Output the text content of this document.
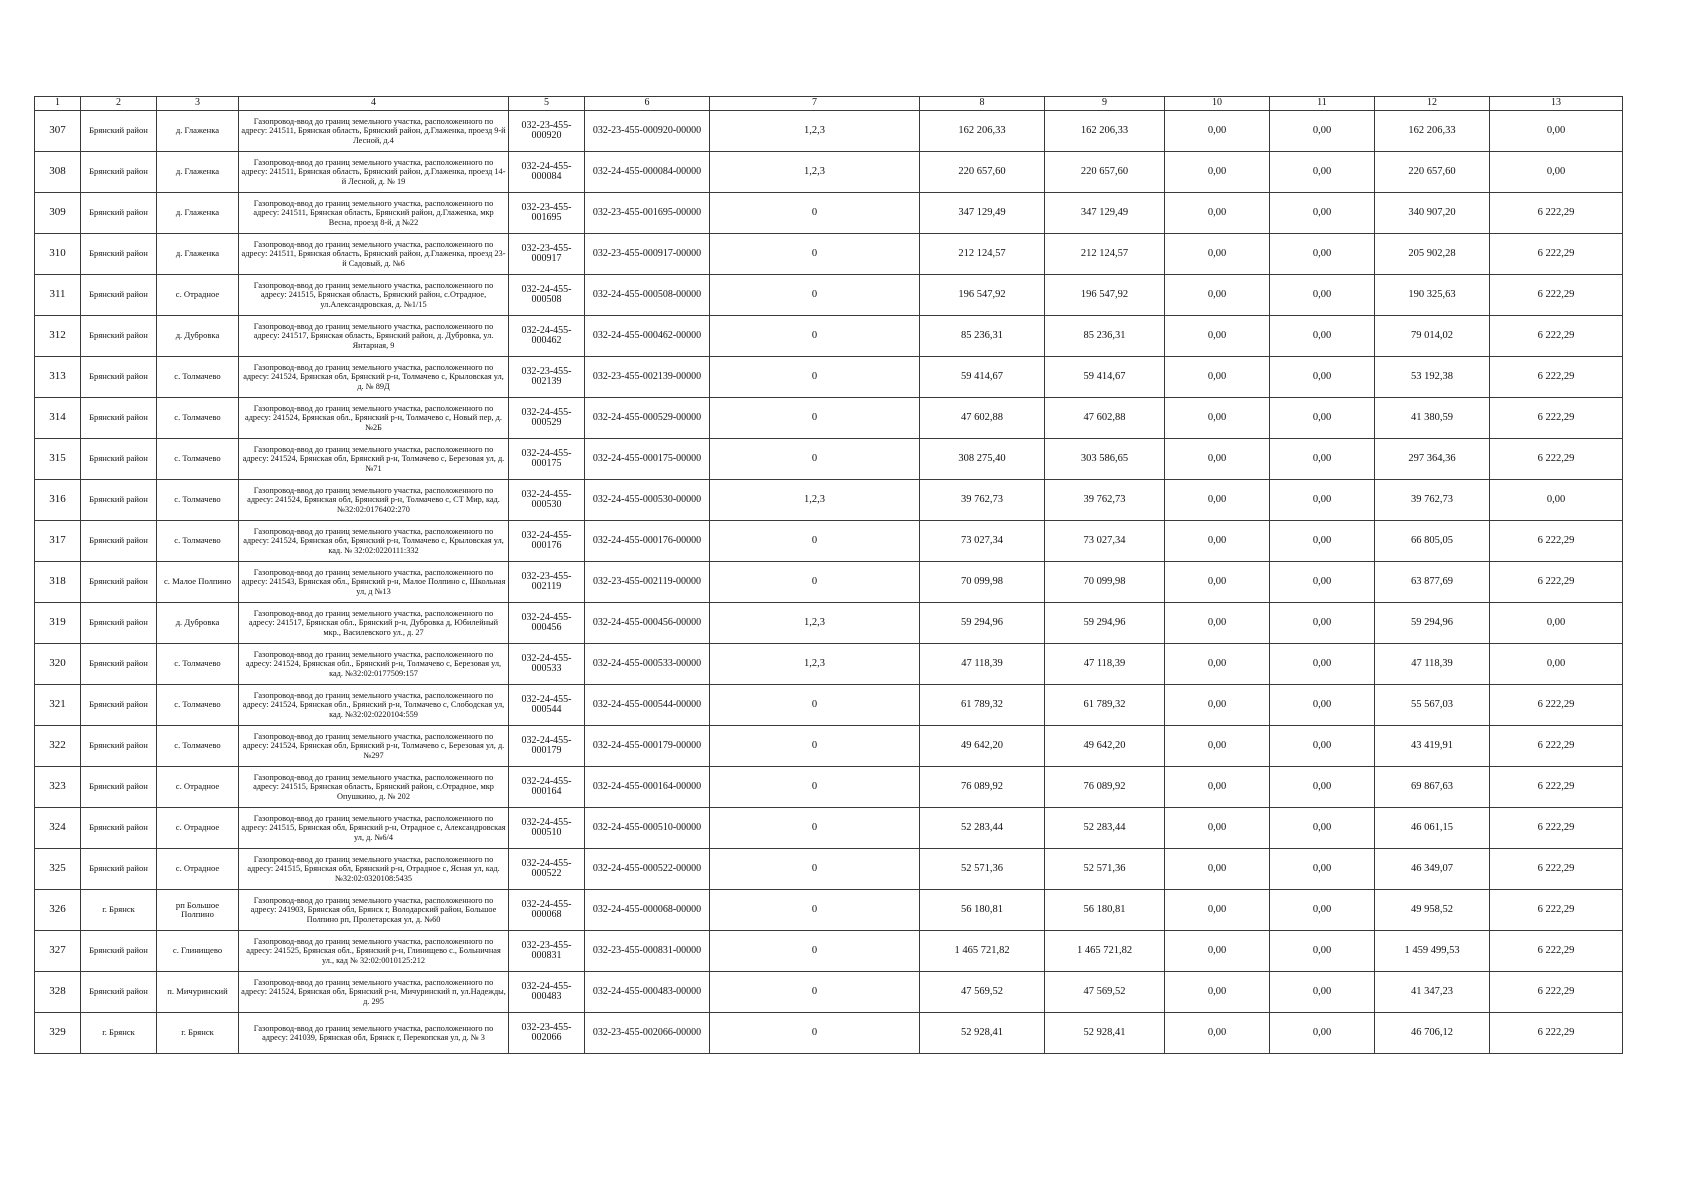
1	2	3	4	5	6	7	8	9	10	11	12	13
307	Брянский район	д. Глаженка	Газопровод-ввод до границ земельного участка, расположенного по адресу: 241511, Брянская область, Брянский район, д.Глаженка, проезд 9-й Лесной, д.4	032-23-455-000920	032-23-455-000920-00000	1,2,3	162 206,33	162 206,33	0,00	0,00	162 206,33	0,00
308	Брянский район	д. Глаженка	Газопровод-ввод до границ земельного участка, расположенного по адресу: 241511, Брянская область, Брянский район, д.Глаженка, проезд 14-й Лесной, д. № 19	032-24-455-000084	032-24-455-000084-00000	1,2,3	220 657,60	220 657,60	0,00	0,00	220 657,60	0,00
309	Брянский район	д. Глаженка	Газопровод-ввод до границ земельного участка, расположенного по адресу: 241511, Брянская область, Брянский район, д.Глаженка, мкр Весна, проезд 8-й, д №22	032-23-455-001695	032-23-455-001695-00000	0	347 129,49	347 129,49	0,00	0,00	340 907,20	6 222,29
310	Брянский район	д. Глаженка	Газопровод-ввод до границ земельного участка, расположенного по адресу: 241511, Брянская область, Брянский район, д.Глаженка, проезд 23-й Садовый, д. №6	032-23-455-000917	032-23-455-000917-00000	0	212 124,57	212 124,57	0,00	0,00	205 902,28	6 222,29
311	Брянский район	с. Отрадное	Газопровод-ввод до границ земельного участка, расположенного по адресу: 241515, Брянская область, Брянский район, с.Отрадное, ул.Александровская, д. №1/15	032-24-455-000508	032-24-455-000508-00000	0	196 547,92	196 547,92	0,00	0,00	190 325,63	6 222,29
312	Брянский район	д. Дубровка	Газопровод-ввод до границ земельного участка, расположенного по адресу: 241517, Брянская область, Брянский район, д. Дубровка, ул. Янтарная, 9	032-24-455-000462	032-24-455-000462-00000	0	85 236,31	85 236,31	0,00	0,00	79 014,02	6 222,29
313	Брянский район	с. Толмачево	Газопровод-ввод до границ земельного участка, расположенного по адресу: 241524, Брянская обл, Брянский р-н, Толмачево с, Крыловская ул, д. № 89Д	032-23-455-002139	032-23-455-002139-00000	0	59 414,67	59 414,67	0,00	0,00	53 192,38	6 222,29
314	Брянский район	с. Толмачево	Газопровод-ввод до границ земельного участка, расположенного по адресу: 241524, Брянская обл., Брянский р-н, Толмачево с, Новый пер, д. №2Б	032-24-455-000529	032-24-455-000529-00000	0	47 602,88	47 602,88	0,00	0,00	41 380,59	6 222,29
315	Брянский район	с. Толмачево	Газопровод-ввод до границ земельного участка, расположенного по адресу: 241524, Брянская обл, Брянский р-н, Толмачево с, Березовая ул, д. №71	032-24-455-000175	032-24-455-000175-00000	0	308 275,40	303 586,65	0,00	0,00	297 364,36	6 222,29
316	Брянский район	с. Толмачево	Газопровод-ввод до границ земельного участка, расположенного по адресу: 241524, Брянская обл, Брянский р-н, Толмачево с, СТ Мир, кад. №32:02:0176402:270	032-24-455-000530	032-24-455-000530-00000	1,2,3	39 762,73	39 762,73	0,00	0,00	39 762,73	0,00
317	Брянский район	с. Толмачево	Газопровод-ввод до границ земельного участка, расположенного по адресу: 241524, Брянская обл, Брянский р-н, Толмачево с, Крыловская ул, кад. № 32:02:0220111:332	032-24-455-000176	032-24-455-000176-00000	0	73 027,34	73 027,34	0,00	0,00	66 805,05	6 222,29
318	Брянский район	с. Малое Полпино	Газопровод-ввод до границ земельного участка, расположенного по адресу: 241543, Брянская обл., Брянский р-н, Малое Полпино с, Школьная ул, д №13	032-23-455-002119	032-23-455-002119-00000	0	70 099,98	70 099,98	0,00	0,00	63 877,69	6 222,29
319	Брянский район	д. Дубровка	Газопровод-ввод до границ земельного участка, расположенного по адресу: 241517, Брянская обл., Брянский р-н, Дубровка д, Юбилейный мкр., Василевского ул., д. 27	032-24-455-000456	032-24-455-000456-00000	1,2,3	59 294,96	59 294,96	0,00	0,00	59 294,96	0,00
320	Брянский район	с. Толмачево	Газопровод-ввод до границ земельного участка, расположенного по адресу: 241524, Брянская обл., Брянский р-н, Толмачево с, Березовая ул, кад. №32:02:0177509:157	032-24-455-000533	032-24-455-000533-00000	1,2,3	47 118,39	47 118,39	0,00	0,00	47 118,39	0,00
321	Брянский район	с. Толмачево	Газопровод-ввод до границ земельного участка, расположенного по адресу: 241524, Брянская обл., Брянский р-н, Толмачево с, Слободская ул, кад. №32:02:0220104:559	032-24-455-000544	032-24-455-000544-00000	0	61 789,32	61 789,32	0,00	0,00	55 567,03	6 222,29
322	Брянский район	с. Толмачево	Газопровод-ввод до границ земельного участка, расположенного по адресу: 241524, Брянская обл, Брянский р-н, Толмачево с, Березовая ул, д. №297	032-24-455-000179	032-24-455-000179-00000	0	49 642,20	49 642,20	0,00	0,00	43 419,91	6 222,29
323	Брянский район	с. Отрадное	Газопровод-ввод до границ земельного участка, расположенного по адресу: 241515, Брянская область, Брянский район, с.Отрадное, мкр Опушкино, д. № 202	032-24-455-000164	032-24-455-000164-00000	0	76 089,92	76 089,92	0,00	0,00	69 867,63	6 222,29
324	Брянский район	с. Отрадное	Газопровод-ввод до границ земельного участка, расположенного по адресу: 241515, Брянская обл, Брянский р-н, Отрадное с, Александровская ул, д. №6/4	032-24-455-000510	032-24-455-000510-00000	0	52 283,44	52 283,44	0,00	0,00	46 061,15	6 222,29
325	Брянский район	с. Отрадное	Газопровод-ввод до границ земельного участка, расположенного по адресу: 241515, Брянская обл, Брянский р-н, Отрадное с, Ясная ул, кад. №32:02:0320108:5435	032-24-455-000522	032-24-455-000522-00000	0	52 571,36	52 571,36	0,00	0,00	46 349,07	6 222,29
326	г. Брянск	рп Большое Полпино	Газопровод-ввод до границ земельного участка, расположенного по адресу: 241903, Брянская обл, Брянск г, Володарский район, Большое Полпино рп, Пролетарская ул, д. №60	032-24-455-000068	032-24-455-000068-00000	0	56 180,81	56 180,81	0,00	0,00	49 958,52	6 222,29
327	Брянский район	с. Глинищево	Газопровод-ввод до границ земельного участка, расположенного по адресу: 241525, Брянская обл., Брянский р-н, Глинищево с., Больничная ул., кад № 32:02:0010125:212	032-23-455-000831	032-23-455-000831-00000	0	1 465 721,82	1 465 721,82	0,00	0,00	1 459 499,53	6 222,29
328	Брянский район	п. Мичуринский	Газопровод-ввод до границ земельного участка, расположенного по адресу: 241524, Брянская обл, Брянский р-н, Мичуринский п, ул.Надежды, д. 295	032-24-455-000483	032-24-455-000483-00000	0	47 569,52	47 569,52	0,00	0,00	41 347,23	6 222,29
329	г. Брянск	г. Брянск	Газопровод-ввод до границ земельного участка, расположенного по адресу: 241039, Брянская обл, Брянск г, Перекопская ул, д. № 3	032-23-455-002066	032-23-455-002066-00000	0	52 928,41	52 928,41	0,00	0,00	46 706,12	6 222,29
